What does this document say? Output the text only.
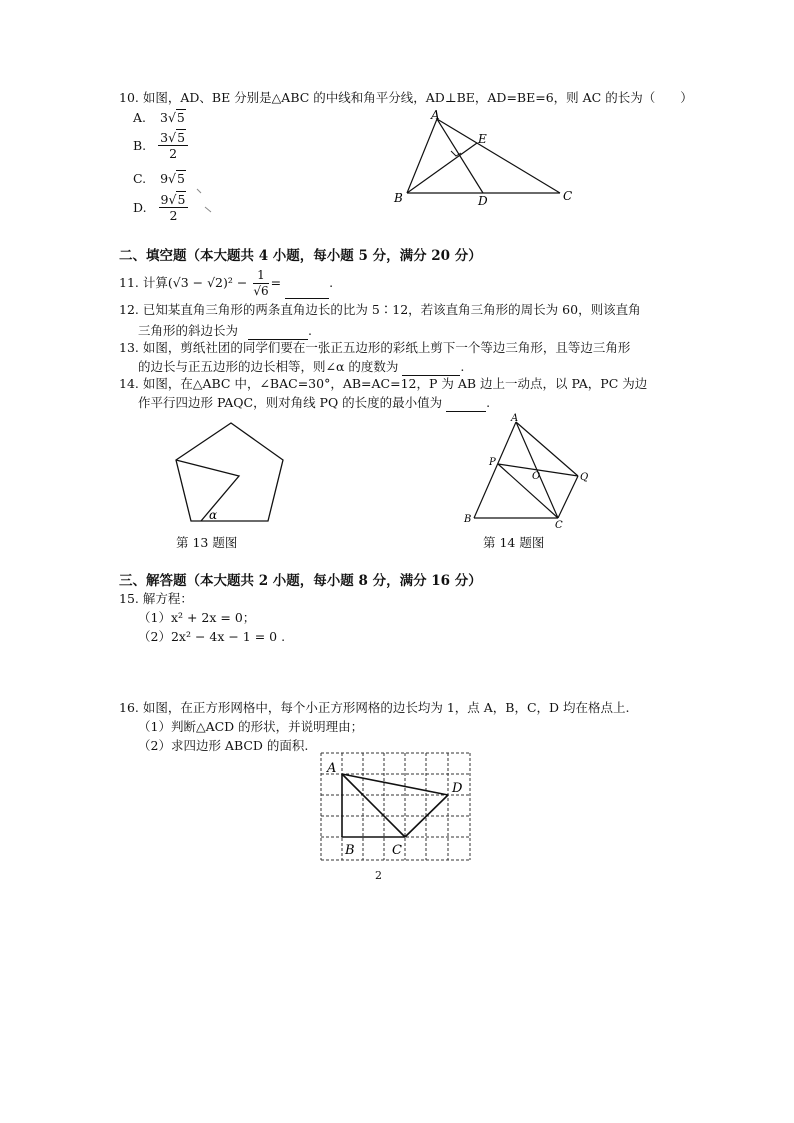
10. 如图，AD、BE 分别是△ABC 的中线和角平分线，AD⊥BE，AD=BE=6，则 AC 的长为（　　）
A. 3√5
B. $\frac{3√5}{2}$
C. 9√5
D. $\frac{9√5}{2}$
A
E
B	D	C
二、填空题（本大题共 4 小题，每小题 5 分，满分 20 分）
11. 计算$(√3 - √2)^2 - \frac{1}{√6}$ =	.
12. 已知某直角三角形的两条直角边长的比为 5∶12，若该直角三角形的周长为 60，则该直角
三角形的斜边长为	.
13. 如图，剪纸社团的同学们要在一张正五边形的彩纸上剪下一个等边三角形，且等边三角形
的边长与正五边形的边长相等，则∠α 的度数为	.
14. 如图，在△ABC 中，∠BAC=30°，AB=AC=12，P 为 AB 边上一动点，以 PA，PC 为边
作平行四边形 PAQC，则对角线 PQ 的长度的最小值为	.
α
第 13 题图
A
P
O	Q
B
C
第 14 题图
三、解答题（本大题共 2 小题，每小题 8 分，满分 16 分）
15. 解方程：
（1）x² + 2x = 0；
（2）2x² − 4x − 1 = 0 .
16. 如图，在正方形网格中，每个小正方形网格的边长均为 1，点 A，B，C，D 均在格点上.
（1）判断△ACD 的形状，并说明理由；
（2）求四边形 ABCD 的面积.
A
D
B	C
2
